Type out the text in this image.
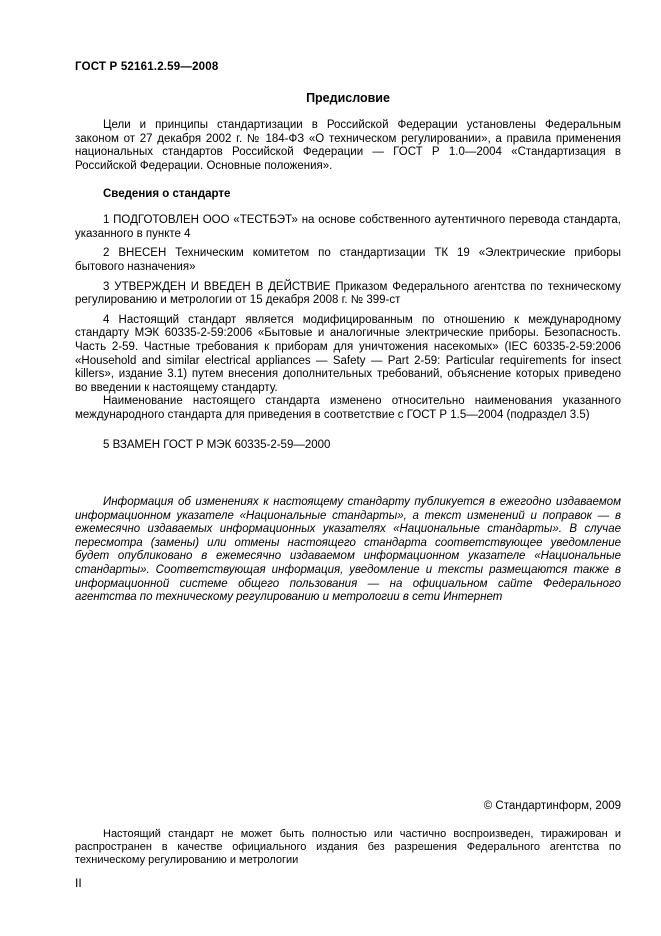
ГОСТ Р 52161.2.59—2008
Предисловие

Цели и принципы стандартизации в Российской Федерации установлены Федеральным законом от 27 декабря 2002 г. № 184-ФЗ «О техническом регулировании», а правила применения национальных стандартов Российской Федерации — ГОСТ Р 1.0—2004 «Стандартизация в Российской Федерации. Основные положения».

Сведения о стандарте

1 ПОДГОТОВЛЕН ООО «ТЕСТБЭТ» на основе собственного аутентичного перевода стандарта, указанного в пункте 4

2 ВНЕСЕН Техническим комитетом по стандартизации ТК 19 «Электрические приборы бытового назначения»

3 УТВЕРЖДЕН И ВВЕДЕН В ДЕЙСТВИЕ Приказом Федерального агентства по техническому регулированию и метрологии от 15 декабря 2008 г. № 399-ст

4 Настоящий стандарт является модифицированным по отношению к международному стандарту МЭК 60335-2-59:2006 «Бытовые и аналогичные электрические приборы. Безопасность. Часть 2-59. Частные требования к приборам для уничтожения насекомых» (IEC 60335-2-59:2006 «Household and similar electrical appliances — Safety — Part 2-59: Particular requirements for insect killers», издание 3.1) путем внесения дополнительных требований, объяснение которых приведено во введении к настоящему стандарту.

Наименование настоящего стандарта изменено относительно наименования указанного международного стандарта для приведения в соответствие с ГОСТ Р 1.5—2004 (подраздел 3.5)

5 ВЗАМЕН ГОСТ Р МЭК 60335-2-59—2000

Информация об изменениях к настоящему стандарту публикуется в ежегодно издаваемом информационном указателе «Национальные стандарты», а текст изменений и поправок — в ежемесячно издаваемых информационных указателях «Национальные стандарты». В случае пересмотра (замены) или отмены настоящего стандарта соответствующее уведомление будет опубликовано в ежемесячно издаваемом информационном указателе «Национальные стандарты». Соответствующая информация, уведомление и тексты размещаются также в информационной системе общего пользования — на официальном сайте Федерального агентства по техническому регулированию и метрологии в сети Интернет

© Стандартинформ, 2009

Настоящий стандарт не может быть полностью или частично воспроизведен, тиражирован и распространен в качестве официального издания без разрешения Федерального агентства по техническому регулированию и метрологии

II
